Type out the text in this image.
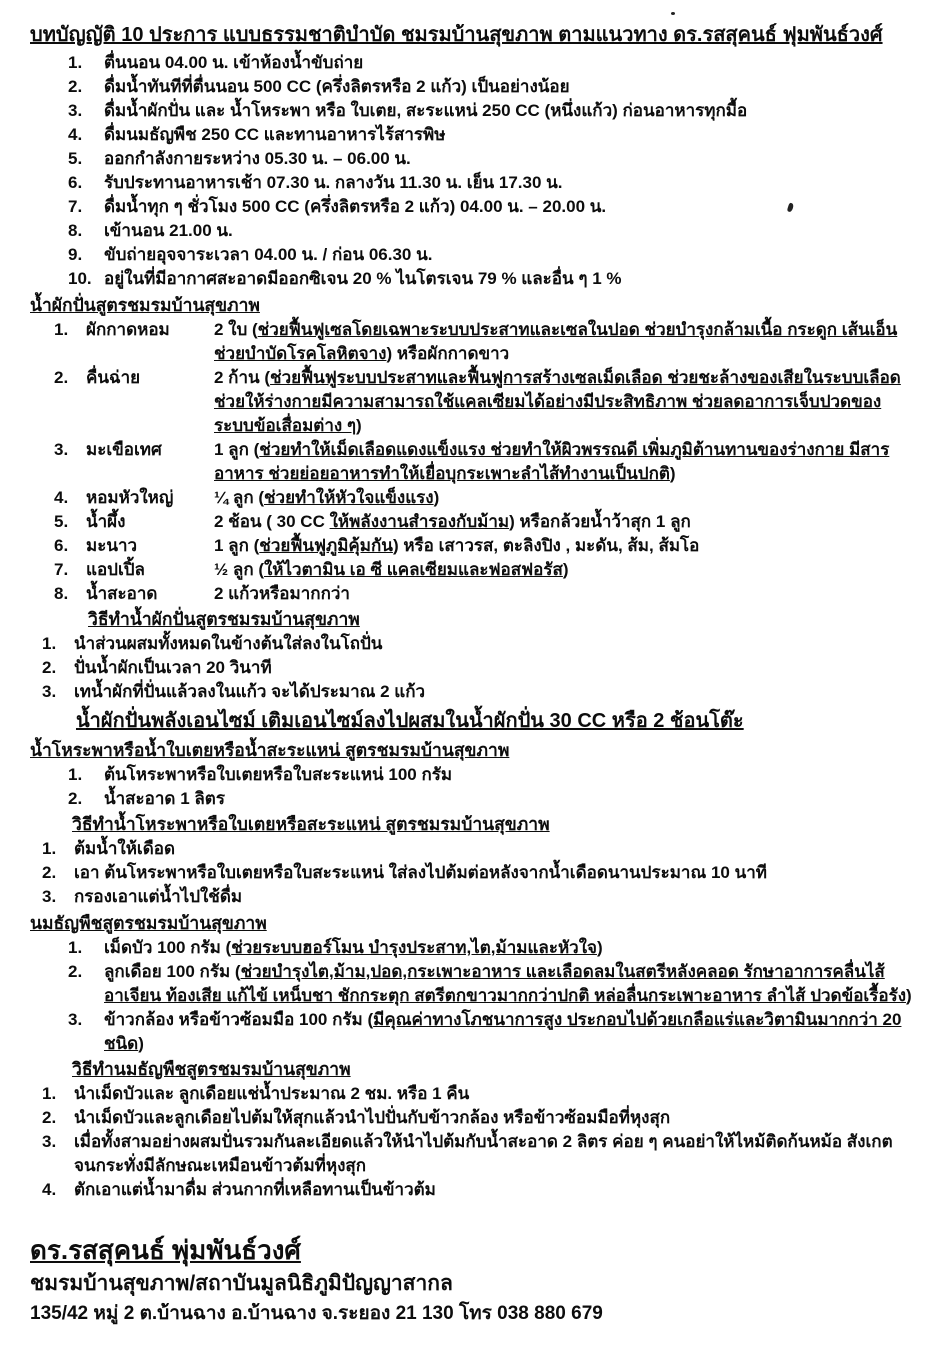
บทบัญญัติ 10 ประการ แบบธรรมชาติบำบัด ชมรมบ้านสุขภาพ ตามแนวทาง ดร.รสสุคนธ์ ฟุมพันธ์วงศ์
1.	ตื่นนอน 04.00 น. เข้าห้องน้ำขับถ่าย
2.	ดื่มน้ำทันทีที่ตื่นนอน 500 CC (ครึ่งลิตรหรือ 2 แก้ว) เป็นอย่างน้อย
3.	ดื่มน้ำผักปั่น และ น้ำโหระพา หรือ ใบเตย, สะระแหน่ 250 CC (หนึ่งแก้ว) ก่อนอาหารทุกมื้อ
4.	ดื่มนมธัญพืช 250 CC และทานอาหารไร้สารพิษ
5.	ออกกำลังกายระหว่าง 05.30 น. – 06.00 น.
6.	รับประทานอาหารเช้า 07.30 น. กลางวัน 11.30 น. เย็น 17.30 น.
7.	ดื่มน้ำทุก ๆ ชั่วโมง 500 CC (ครึ่งลิตรหรือ 2 แก้ว) 04.00 น. – 20.00 น.
8.	เข้านอน 21.00 น.
9.	ขับถ่ายอุจจาระเวลา 04.00 น. / ก่อน 06.30 น.
10. อยู่ในที่มีอากาศสะอาดมีออกซิเจน 20 % ไนโตรเจน 79 % และอื่น ๆ 1 %
น้ำผักปั่นสูตรชมรมบ้านสุขภาพ
1.	ผักกาดหอม	2 ใบ (ช่วยฟื้นฟูเซลโดยเฉพาะระบบประสาทและเซลในปอด ช่วยบำรุงกล้ามเนื้อ กระดูก เส้นเอ็น ช่วยบำบัดโรคโลหิตจาง) หรือผักกาดขาว
2.	คื่นฉ่าย	2 ก้าน (ช่วยฟื้นฟูระบบประสาทและฟื้นฟูการสร้างเซลเม็ดเลือด ช่วยชะล้างของเสียในระบบเลือด ช่วยให้ร่างกายมีความสามารถใช้แคลเซียมได้อย่างมีประสิทธิภาพ ช่วยลดอาการเจ็บปวดของระบบข้อเสื่อมต่าง ๆ)
3.	มะเขือเทศ	1 ลูก (ช่วยทำให้เม็ดเลือดแดงแข็งแรง ช่วยทำให้ผิวพรรณดี เพิ่มภูมิต้านทานของร่างกาย มีสารอาหาร ช่วยย่อยอาหารทำให้เยื่อบุกระเพาะลำไส้ทำงานเป็นปกติ)
4.	หอมหัวใหญ่	¼ ลูก (ช่วยทำให้หัวใจแข็งแรง)
5.	น้ำผึ้ง	2 ช้อน ( 30 CC ให้พลังงานสำรองกับม้าม) หรือกล้วยน้ำว้าสุก 1 ลูก
6.	มะนาว	1 ลูก (ช่วยฟื้นฟูภูมิคุ้มกัน) หรือ เสาวรส, ตะลิงปิง , มะดัน, ส้ม, ส้มโอ
7.	แอปเปิ้ล	½ ลูก (ให้ไวตามิน เอ ซี แคลเซียมและฟอสฟอรัส)
8.	น้ำสะอาด	2 แก้วหรือมากกว่า
วิธีทำน้ำผักปั่นสูตรชมรมบ้านสุขภาพ
1.	นำส่วนผสมทั้งหมดในข้างต้นใส่ลงในโถปั่น
2.	ปั่นน้ำผักเป็นเวลา 20 วินาที
3.	เทน้ำผักที่ปั่นแล้วลงในแก้ว จะได้ประมาณ 2 แก้ว
น้ำผักปั่นพลังเอนไซม์ เติมเอนไซม์ลงไปผสมในน้ำผักปั่น 30 CC หรือ 2 ช้อนโต๊ะ
น้ำโหระพาหรือน้ำใบเตยหรือน้ำสะระแหน่ สูตรชมรมบ้านสุขภาพ
1.	ต้นโหระพาหรือใบเตยหรือใบสะระแหน่ 100 กรัม
2.	น้ำสะอาด 1 ลิตร
วิธีทำน้ำโหระพาหรือใบเตยหรือสะระแหน่ สูตรชมรมบ้านสุขภาพ
1.	ต้มน้ำให้เดือด
2.	เอา ต้นโหระพาหรือใบเตยหรือใบสะระแหน่ ใส่ลงไปต้มต่อหลังจากน้ำเดือดนานประมาณ 10 นาที
3.	กรองเอาแต่น้ำไปใช้ดื่ม
นมธัญพืชสูตรชมรมบ้านสุขภาพ
1.	เม็ดบัว 100 กรัม (ช่วยระบบฮอร์โมน บำรุงประสาท,ไต,ม้ามและหัวใจ)
2.	ลูกเดือย 100 กรัม (ช่วยบำรุงไต,ม้าม,ปอด,กระเพาะอาหาร และเลือดลมในสตรีหลังคลอด รักษาอาการคลื่นไส้อาเจียน ท้องเสีย แก้ไข้ เหน็บชา ชักกระตุก สตรีตกขาวมากกว่าปกติ หล่อลื่นกระเพาะอาหาร ลำไส้ ปวดข้อเรื้อรัง)
3.	ข้าวกล้อง หรือข้าวซ้อมมือ 100 กรัม (มีคุณค่าทางโภชนาการสูง ประกอบไปด้วยเกลือแร่และวิตามินมากกว่า 20 ชนิด)
วิธีทำนมธัญพืชสูตรชมรมบ้านสุขภาพ
1.	นำเม็ดบัวและ ลูกเดือยแช่น้ำประมาณ 2 ชม. หรือ 1 คืน
2.	นำเม็ดบัวและลูกเดือยไปต้มให้สุกแล้วนำไปปั่นกับข้าวกล้อง หรือข้าวซ้อมมือที่หุงสุก
3.	เมื่อทั้งสามอย่างผสมปั่นรวมกันละเอียดแล้วให้นำไปต้มกับน้ำสะอาด 2 ลิตร ค่อย ๆ คนอย่าให้ไหม้ติดก้นหม้อ สังเกต จนกระทั่งมีลักษณะเหมือนข้าวต้มที่หุงสุก
4.	ตักเอาแต่น้ำมาดื่ม ส่วนกากที่เหลือทานเป็นข้าวต้ม
ดร.รสสุคนธ์ พุ่มพันธ์วงศ์
ชมรมบ้านสุขภาพ/สถาบันมูลนิธิภูมิปัญญาสากล
135/42 หมู่ 2 ต.บ้านฉาง อ.บ้านฉาง จ.ระยอง 21 130 โทร 038 880 679
